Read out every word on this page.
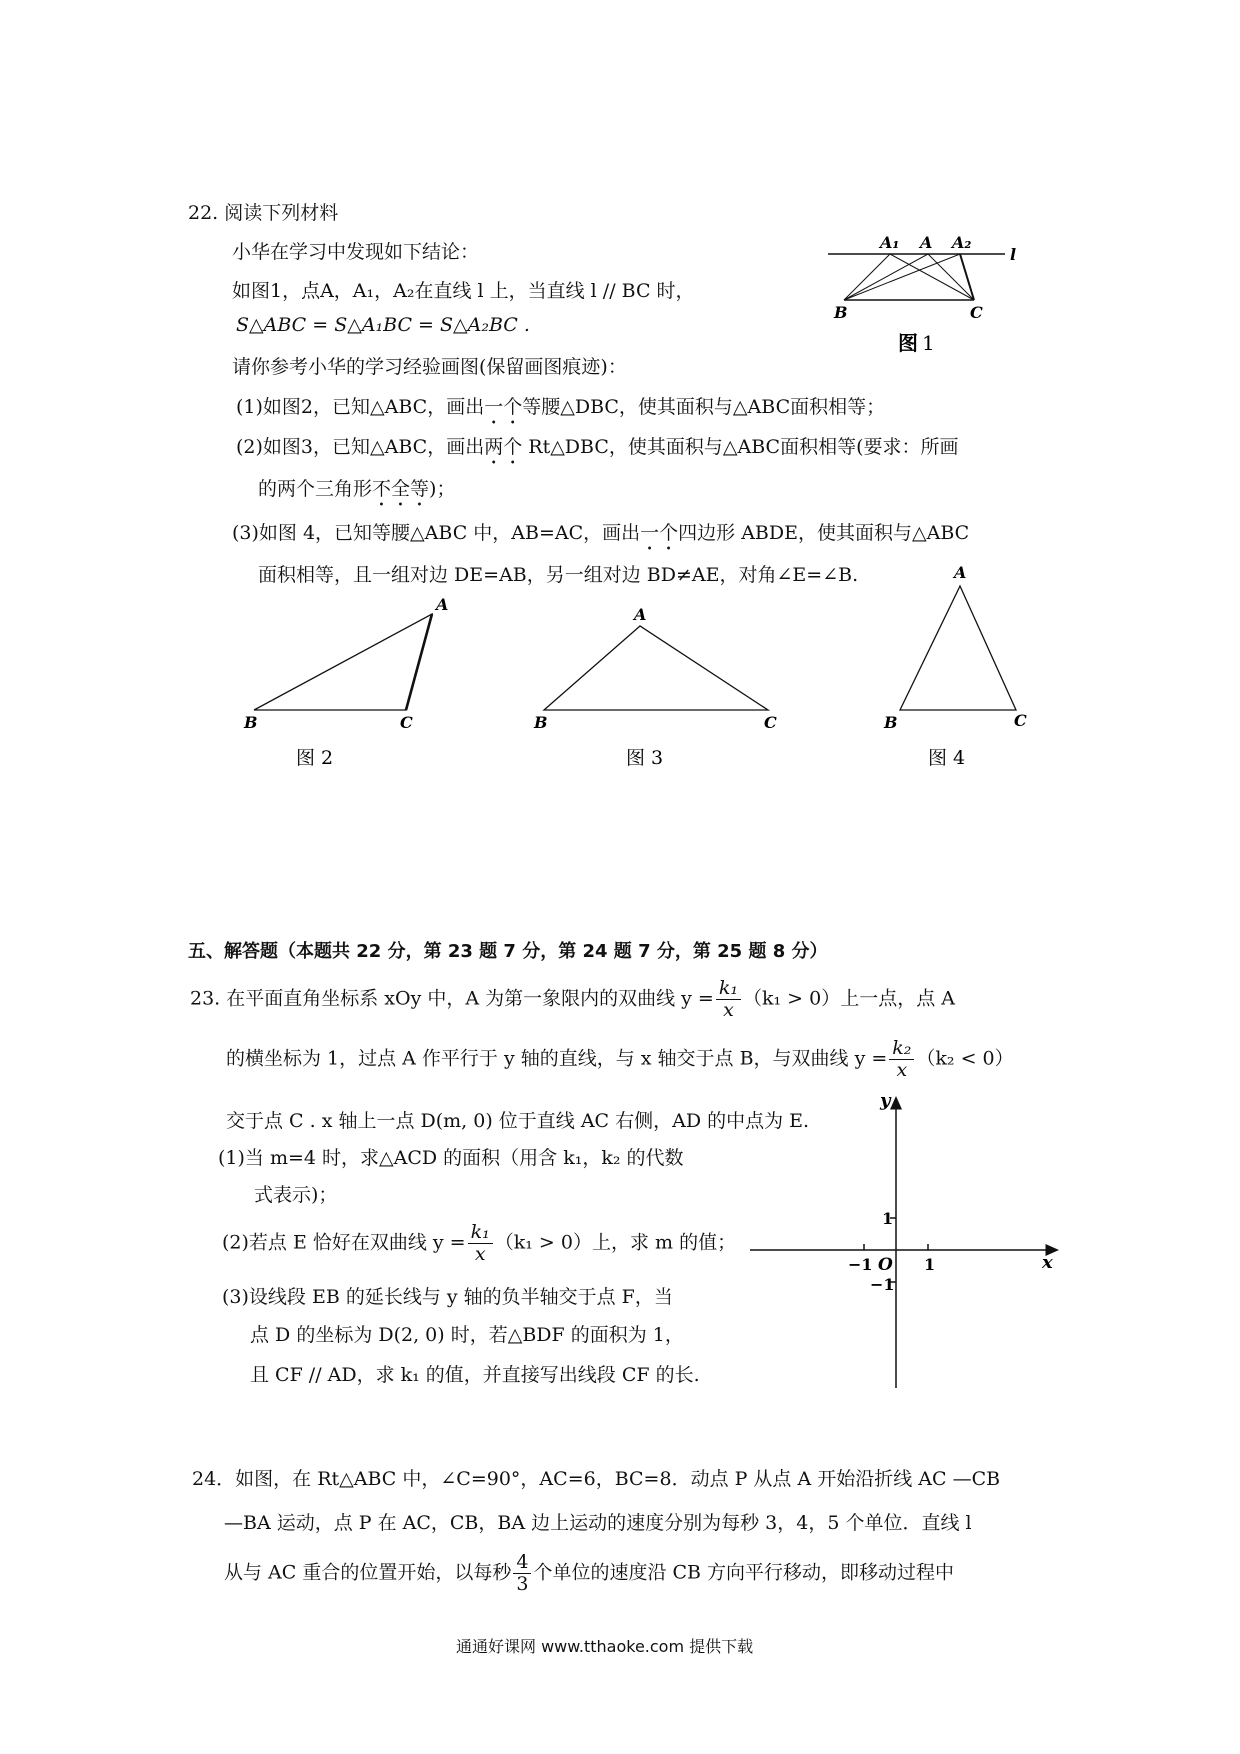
22. 阅读下列材料
小华在学习中发现如下结论：
如图1，点A，A₁，A₂在直线 l 上，当直线 l // BC 时，
S△ABC = S△A₁BC = S△A₂BC .
请你参考小华的学习经验画图(保留画图痕迹)：
(1)如图2，已知△ABC，画出一个等腰△DBC，使其面积与△ABC面积相等；
(2)如图3，已知△ABC，画出两个 Rt△DBC，使其面积与△ABC面积相等(要求：所画
的两个三角形不全等)；
(3)如图 4，已知等腰△ABC 中，AB=AC，画出一个四边形 ABDE，使其面积与△ABC
面积相等，且一组对边 DE=AB，另一组对边 BD≠AE，对角∠E=∠B.
A₁ A A₂
l
B	C
图 1
A
B	C
图 2
A
B	C
图 3
A
B	C
图 4
五、解答题（本题共 22 分，第 23 题 7 分，第 24 题 7 分，第 25 题 8 分）
23. 在平面直角坐标系 xOy 中，A 为第一象限内的双曲线 $y = \frac{\text{k₁}}{x} (k_1 > 0)$上一点，点 A
的横坐标为 1，过点 A 作平行于 y 轴的直线，与 x 轴交于点 B，与双曲线 $y = \frac{\text{k₂}}{x} (k_2 < 0)$
交于点 C . x 轴上一点 D(m, 0) 位于直线 AC 右侧，AD 的中点为 E.
(1)当 m=4 时，求△ACD 的面积（用含 k₁，k₂ 的代数
式表示)；
(2)若点 E 恰好在双曲线 $y = \frac{\text{k₁}}{x} (k_1 > 0)$上，求 m 的值；
(3)设线段 EB 的延长线与 y 轴的负半轴交于点 F，当
点 D 的坐标为 D(2, 0) 时，若△BDF 的面积为 1，
且 CF // AD，求 k₁ 的值，并直接写出线段 CF 的长.
y
x
O
1
−1
1
−1
24．如图，在 Rt△ABC 中，∠C=90°，AC=6，BC=8．动点 P 从点 A 开始沿折线 AC —CB
—BA 运动，点 P 在 AC，CB，BA 边上运动的速度分别为每秒 3，4，5 个单位．直线 l
从与 AC 重合的位置开始，以每秒 $\frac{4}{3}$ 个单位的速度沿 CB 方向平行移动，即移动过程中
通通好课网 www.tthaoke.com 提供下载
